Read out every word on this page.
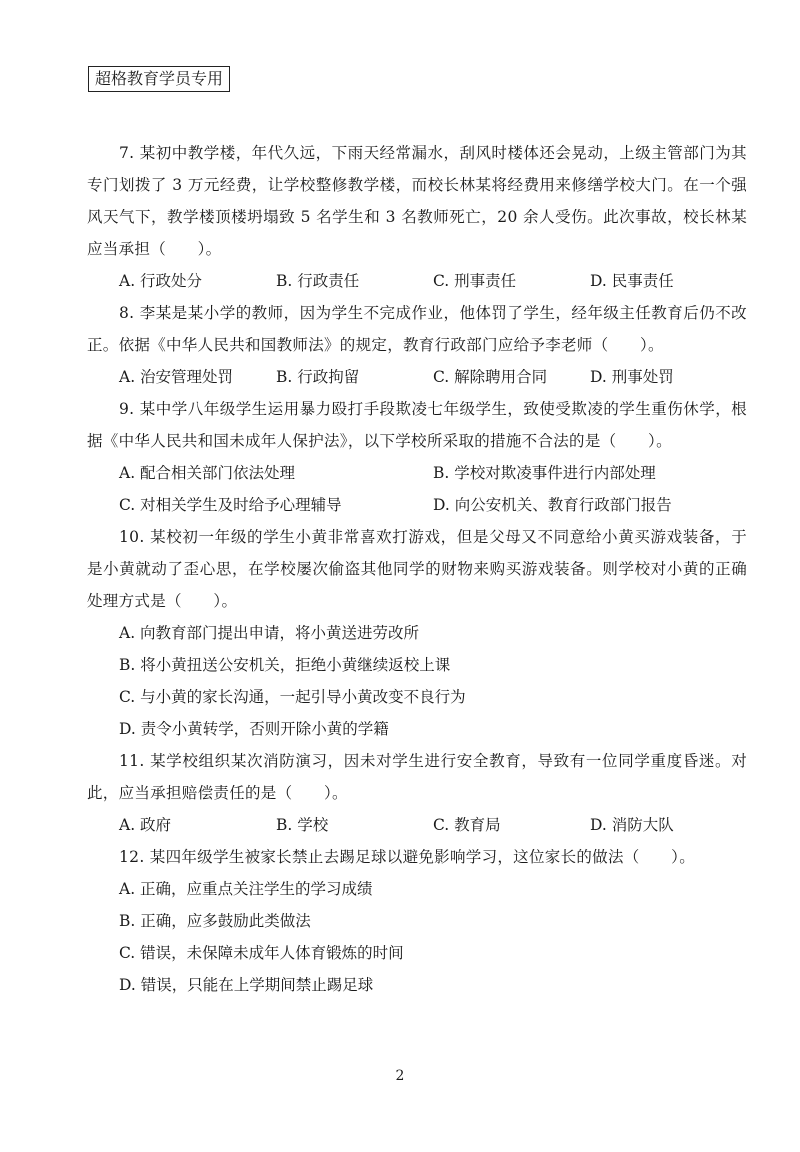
超格教育学员专用

7. 某初中教学楼，年代久远，下雨天经常漏水，刮风时楼体还会晃动，上级主管部门为其专门划拨了 3 万元经费，让学校整修教学楼，而校长林某将经费用来修缮学校大门。在一个强风天气下，教学楼顶楼坍塌致 5 名学生和 3 名教师死亡，20 余人受伤。此次事故，校长林某应当承担（　　）。

A. 行政处分	B. 行政责任	C. 刑事责任	D. 民事责任

8. 李某是某小学的教师，因为学生不完成作业，他体罚了学生，经年级主任教育后仍不改正。依据《中华人民共和国教师法》的规定，教育行政部门应给予李老师（　　）。

A. 治安管理处罚	B. 行政拘留	C. 解除聘用合同	D. 刑事处罚

9. 某中学八年级学生运用暴力殴打手段欺凌七年级学生，致使受欺凌的学生重伤休学，根据《中华人民共和国未成年人保护法》，以下学校所采取的措施不合法的是（　　）。

A. 配合相关部门依法处理	B. 学校对欺凌事件进行内部处理
C. 对相关学生及时给予心理辅导	D. 向公安机关、教育行政部门报告

10. 某校初一年级的学生小黄非常喜欢打游戏，但是父母又不同意给小黄买游戏装备，于是小黄就动了歪心思，在学校屡次偷盗其他同学的财物来购买游戏装备。则学校对小黄的正确处理方式是（　　）。

A. 向教育部门提出申请，将小黄送进劳改所
B. 将小黄扭送公安机关，拒绝小黄继续返校上课
C. 与小黄的家长沟通，一起引导小黄改变不良行为
D. 责令小黄转学，否则开除小黄的学籍

11. 某学校组织某次消防演习，因未对学生进行安全教育，导致有一位同学重度昏迷。对此，应当承担赔偿责任的是（　　）。

A. 政府	B. 学校	C. 教育局	D. 消防大队

12. 某四年级学生被家长禁止去踢足球以避免影响学习，这位家长的做法（　　）。

A. 正确，应重点关注学生的学习成绩
B. 正确，应多鼓励此类做法
C. 错误，未保障未成年人体育锻炼的时间
D. 错误，只能在上学期间禁止踢足球
2
